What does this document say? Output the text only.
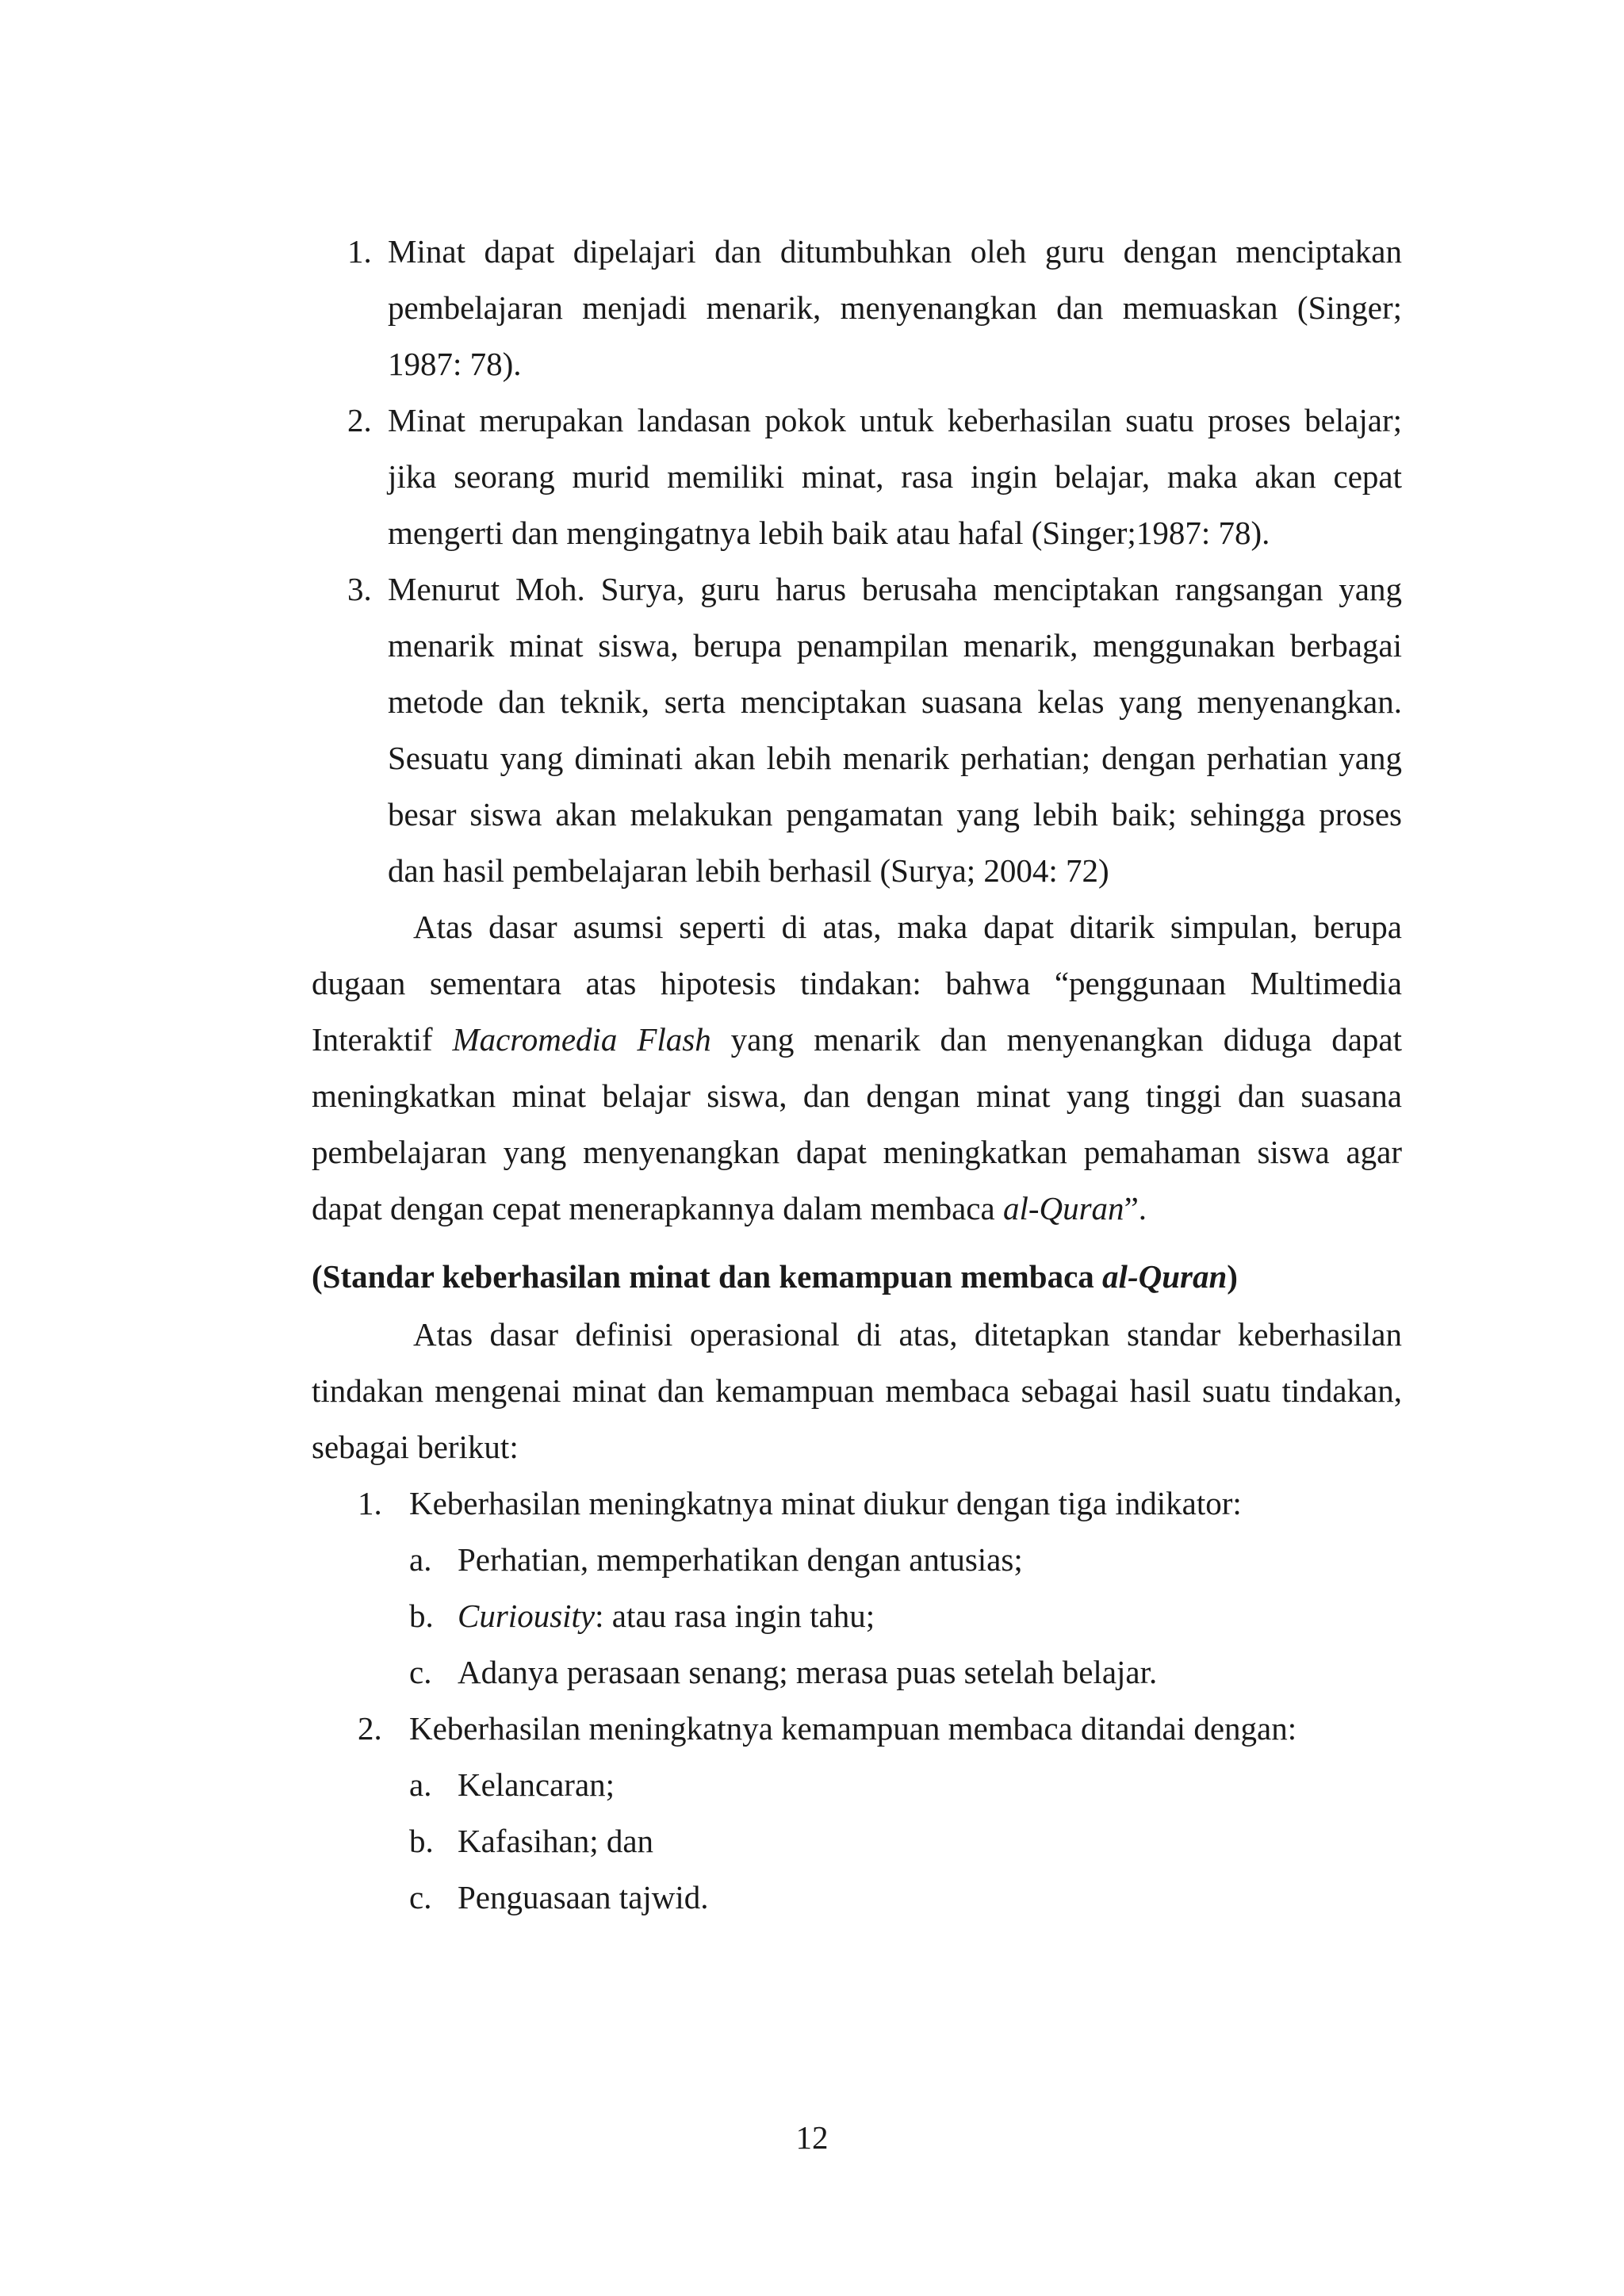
1. Minat dapat dipelajari dan ditumbuhkan oleh guru dengan menciptakan pembelajaran menjadi menarik, menyenangkan dan memuaskan (Singer; 1987: 78).
2. Minat merupakan landasan pokok untuk keberhasilan suatu proses belajar; jika seorang murid memiliki minat, rasa ingin belajar, maka akan cepat mengerti dan mengingatnya lebih baik atau hafal (Singer;1987: 78).
3. Menurut Moh. Surya, guru harus berusaha menciptakan rangsangan yang menarik minat siswa, berupa penampilan menarik, menggunakan berbagai metode dan teknik, serta menciptakan suasana kelas yang menyenangkan. Sesuatu yang diminati akan lebih menarik perhatian; dengan perhatian yang besar siswa akan melakukan pengamatan yang lebih baik; sehingga proses dan hasil pembelajaran lebih berhasil (Surya; 2004: 72)

Atas dasar asumsi seperti di atas, maka dapat ditarik simpulan, berupa dugaan sementara atas hipotesis tindakan: bahwa “penggunaan Multimedia Interaktif Macromedia Flash yang menarik dan menyenangkan diduga dapat meningkatkan minat belajar siswa, dan dengan minat yang tinggi dan suasana pembelajaran yang menyenangkan dapat meningkatkan pemahaman siswa agar dapat dengan cepat menerapkannya dalam membaca al-Quran”.

(Standar keberhasilan minat dan kemampuan membaca al-Quran)

Atas dasar definisi operasional di atas, ditetapkan standar keberhasilan tindakan mengenai minat dan kemampuan membaca sebagai hasil suatu tindakan, sebagai berikut:

1. Keberhasilan meningkatnya minat diukur dengan tiga indikator:
a. Perhatian, memperhatikan dengan antusias;
b. Curiousity: atau rasa ingin tahu;
c. Adanya perasaan senang; merasa puas setelah belajar.
2. Keberhasilan meningkatnya kemampuan membaca ditandai dengan:
a. Kelancaran;
b. Kafasihan; dan
c. Penguasaan tajwid.
12
